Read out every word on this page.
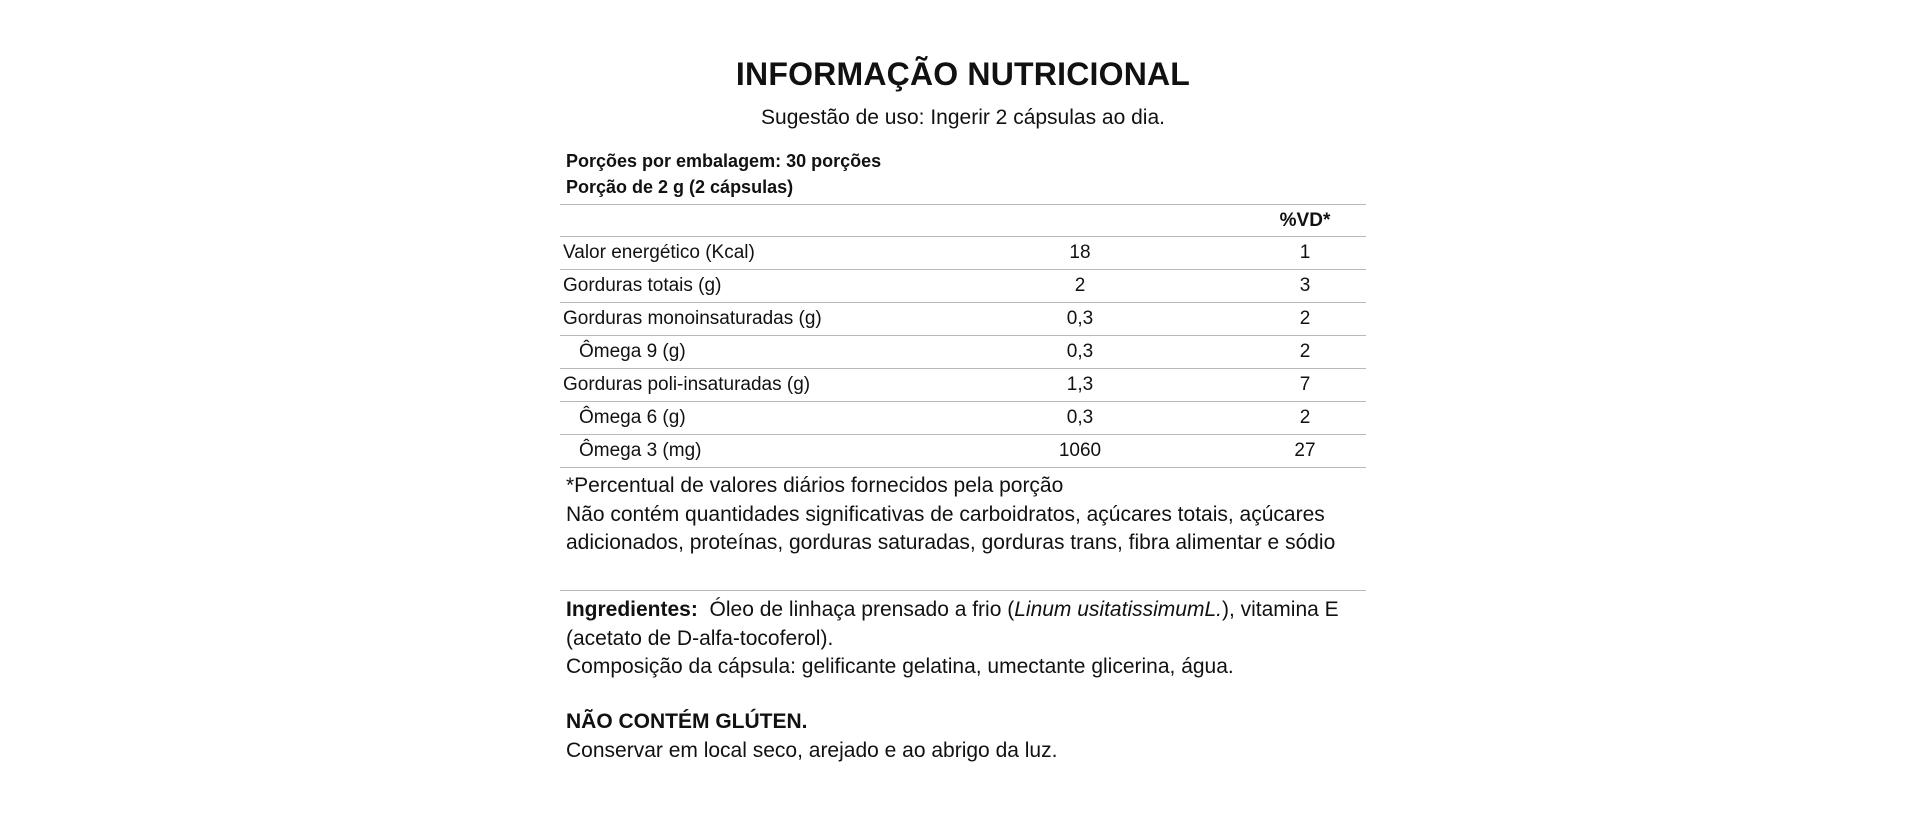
INFORMAÇÃO NUTRICIONAL
Sugestão de uso: Ingerir 2 cápsulas ao dia.
Porções por embalagem: 30 porções
Porção de 2 g (2 cápsulas)
%VD*
Valor energético (Kcal)	18	1
Gorduras totais (g)	2	3
Gorduras monoinsaturadas (g)	0,3	2
Ômega 9 (g)	0,3	2
Gorduras poli-insaturadas (g)	1,3	7
Ômega 6 (g)	0,3	2
Ômega 3 (mg)	1060	27
*Percentual de valores diários fornecidos pela porção
Não contém quantidades significativas de carboidratos, açúcares totais, açúcares adicionados, proteínas, gorduras saturadas, gorduras trans, fibra alimentar e sódio
Ingredientes: Óleo de linhaça prensado a frio (Linum usitatissimumL.), vitamina E (acetato de D-alfa-tocoferol).
Composição da cápsula: gelificante gelatina, umectante glicerina, água.
NÃO CONTÉM GLÚTEN.
Conservar em local seco, arejado e ao abrigo da luz.
